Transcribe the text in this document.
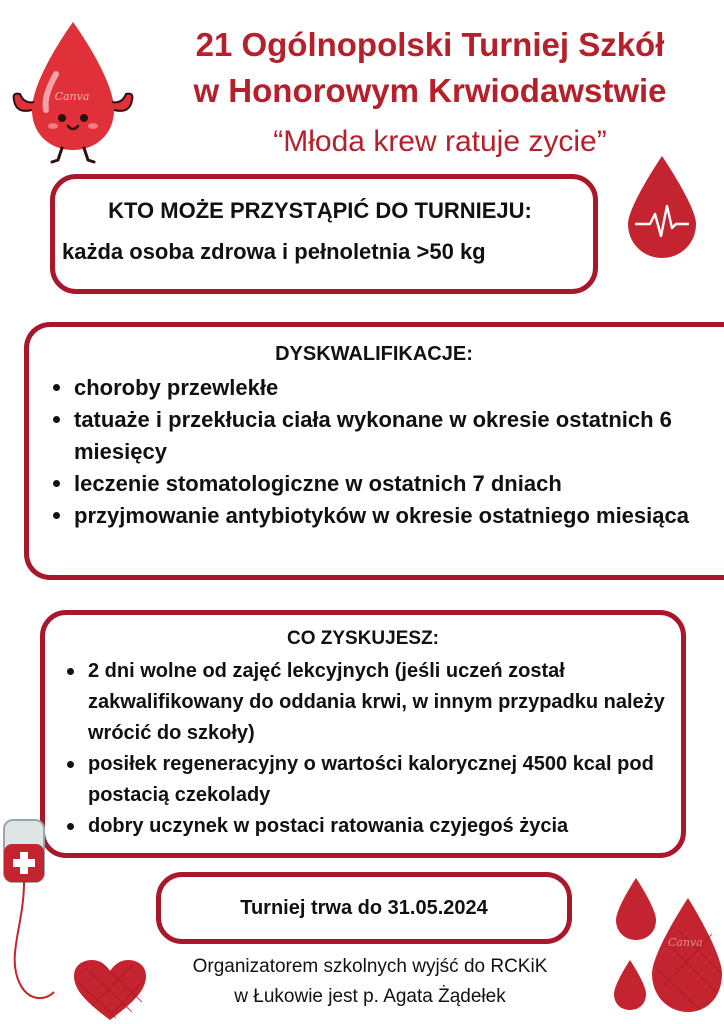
Canva
21 Ogólnopolski Turniej Szkół
w Honorowym Krwiodawstwie
“Młoda krew ratuje zycie”
KTO MOŻE PRZYSTĄPIĆ DO TURNIEJU:
każda osoba zdrowa i pełnoletnia >50 kg
DYSKWALIFIKACJE:
choroby przewlekłe
tatuaże i przekłucia ciała wykonane w okresie ostatnich 6 miesięcy
leczenie stomatologiczne w ostatnich 7 dniach
przyjmowanie antybiotyków w okresie ostatniego miesiąca
CO ZYSKUJESZ:
2 dni wolne od zajęć lekcyjnych (jeśli uczeń został zakwalifikowany do oddania krwi, w innym przypadku należy wrócić do szkoły)
posiłek regeneracyjny o wartości kalorycznej 4500 kcal pod postacią czekolady
dobry uczynek w postaci ratowania czyjegoś życia
Turniej trwa do 31.05.2024
Organizatorem szkolnych wyjść do RCKiK
w Łukowie jest p. Agata Żądełek
Canva
